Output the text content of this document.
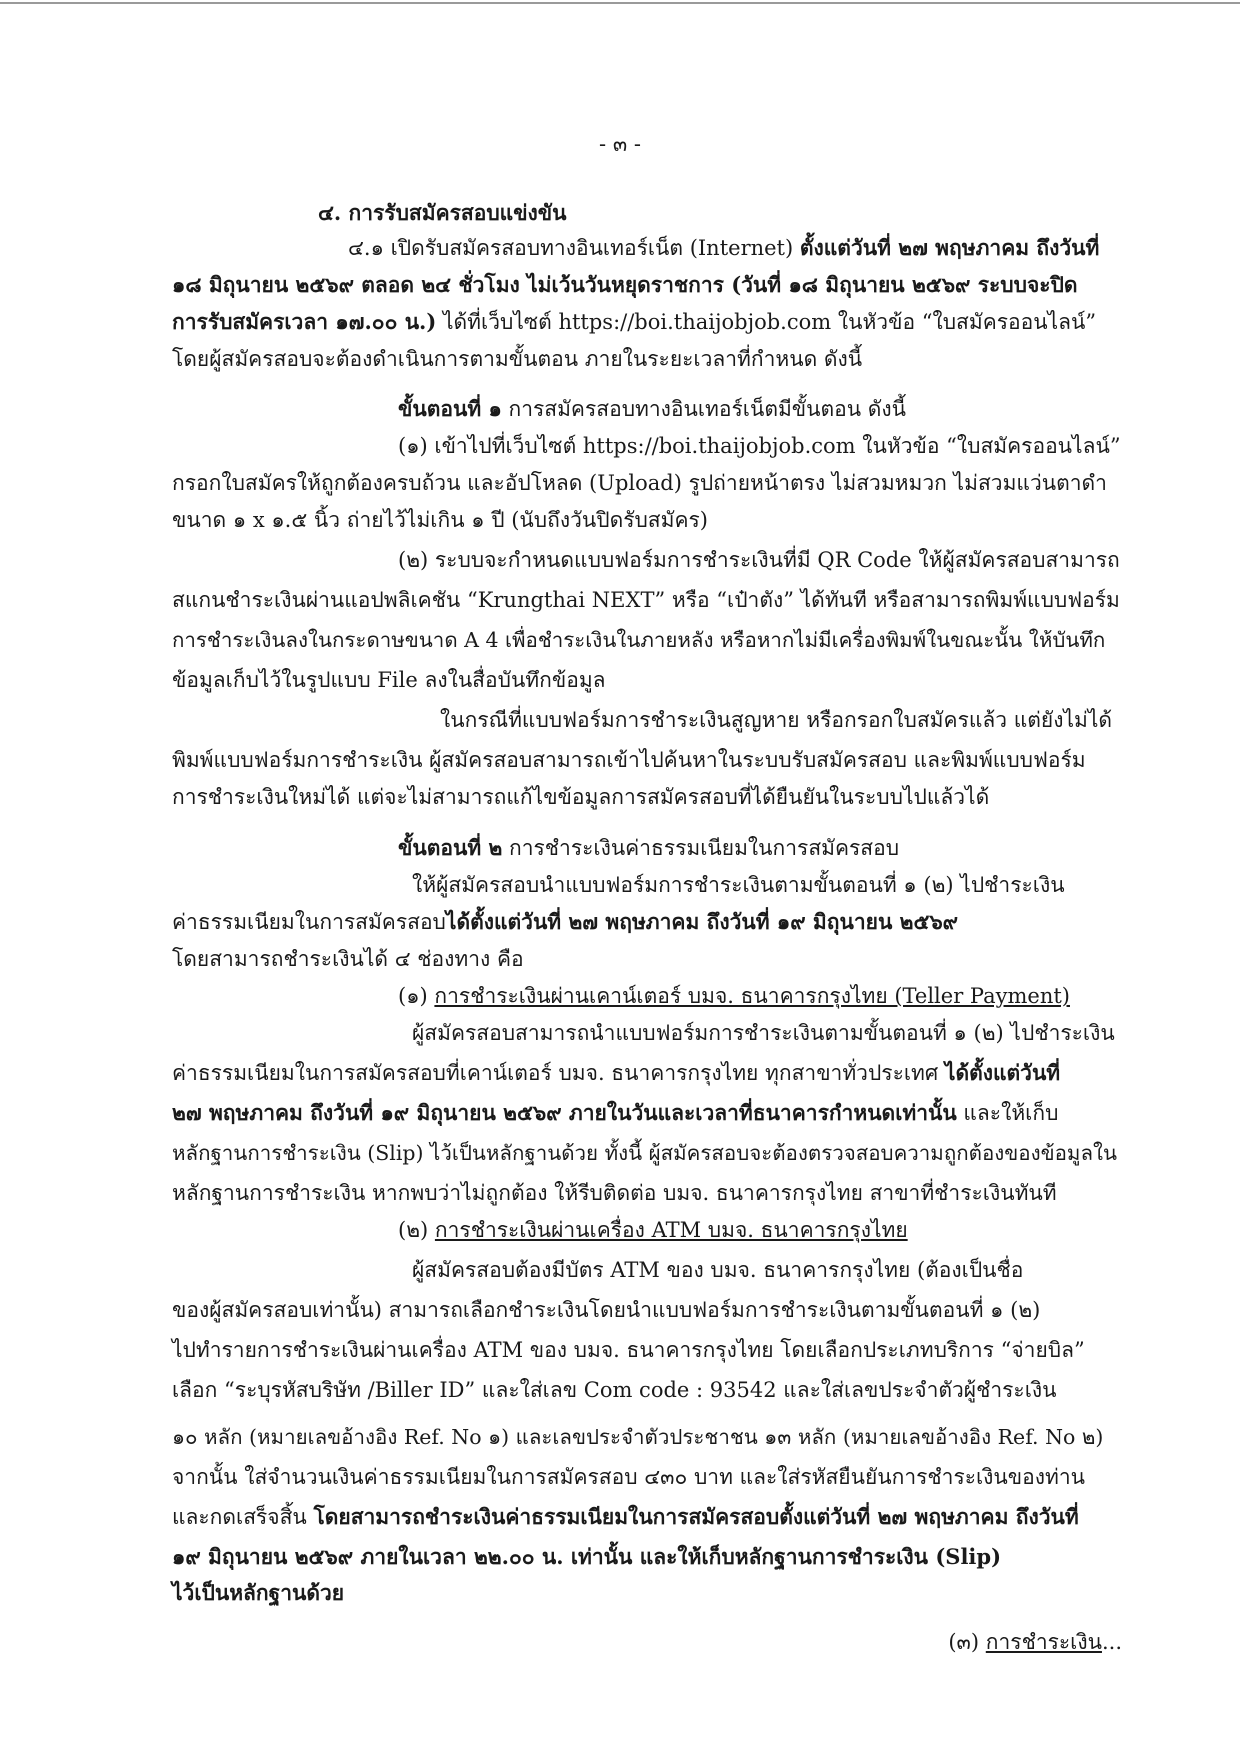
- ๓ -
๔. การรับสมัครสอบแข่งขัน
๔.๑ เปิดรับสมัครสอบทางอินเทอร์เน็ต (Internet) ตั้งแต่วันที่ ๒๗ พฤษภาคม ถึงวันที่
๑๘ มิถุนายน ๒๕๖๙ ตลอด ๒๔ ชั่วโมง ไม่เว้นวันหยุดราชการ (วันที่ ๑๘ มิถุนายน ๒๕๖๙ ระบบจะปิด
การรับสมัครเวลา ๑๗.๐๐ น.) ได้ที่เว็บไซต์ https://boi.thaijobjob.com ในหัวข้อ “ใบสมัครออนไลน์”
โดยผู้สมัครสอบจะต้องดำเนินการตามขั้นตอน ภายในระยะเวลาที่กำหนด ดังนี้
ขั้นตอนที่ ๑ การสมัครสอบทางอินเทอร์เน็ตมีขั้นตอน ดังนี้
(๑) เข้าไปที่เว็บไซต์ https://boi.thaijobjob.com ในหัวข้อ “ใบสมัครออนไลน์”
กรอกใบสมัครให้ถูกต้องครบถ้วน และอัปโหลด (Upload) รูปถ่ายหน้าตรง ไม่สวมหมวก ไม่สวมแว่นตาดำ
ขนาด ๑ x ๑.๕ นิ้ว ถ่ายไว้ไม่เกิน ๑ ปี (นับถึงวันปิดรับสมัคร)
(๒) ระบบจะกำหนดแบบฟอร์มการชำระเงินที่มี QR Code ให้ผู้สมัครสอบสามารถ
สแกนชำระเงินผ่านแอปพลิเคชัน “Krungthai NEXT” หรือ “เป๋าตัง” ได้ทันที หรือสามารถพิมพ์แบบฟอร์ม
การชำระเงินลงในกระดาษขนาด A 4 เพื่อชำระเงินในภายหลัง หรือหากไม่มีเครื่องพิมพ์ในขณะนั้น ให้บันทึก
ข้อมูลเก็บไว้ในรูปแบบ File ลงในสื่อบันทึกข้อมูล
ในกรณีที่แบบฟอร์มการชำระเงินสูญหาย หรือกรอกใบสมัครแล้ว แต่ยังไม่ได้
พิมพ์แบบฟอร์มการชำระเงิน ผู้สมัครสอบสามารถเข้าไปค้นหาในระบบรับสมัครสอบ และพิมพ์แบบฟอร์ม
การชำระเงินใหม่ได้ แต่จะไม่สามารถแก้ไขข้อมูลการสมัครสอบที่ได้ยืนยันในระบบไปแล้วได้
ขั้นตอนที่ ๒ การชำระเงินค่าธรรมเนียมในการสมัครสอบ
ให้ผู้สมัครสอบนำแบบฟอร์มการชำระเงินตามขั้นตอนที่ ๑ (๒) ไปชำระเงิน
ค่าธรรมเนียมในการสมัครสอบได้ตั้งแต่วันที่ ๒๗ พฤษภาคม ถึงวันที่ ๑๙ มิถุนายน ๒๕๖๙
โดยสามารถชำระเงินได้ ๔ ช่องทาง คือ
(๑) การชำระเงินผ่านเคาน์เตอร์ บมจ. ธนาคารกรุงไทย (Teller Payment)
ผู้สมัครสอบสามารถนำแบบฟอร์มการชำระเงินตามขั้นตอนที่ ๑ (๒) ไปชำระเงิน
ค่าธรรมเนียมในการสมัครสอบที่เคาน์เตอร์ บมจ. ธนาคารกรุงไทย ทุกสาขาทั่วประเทศ ได้ตั้งแต่วันที่
๒๗ พฤษภาคม ถึงวันที่ ๑๙ มิถุนายน ๒๕๖๙ ภายในวันและเวลาที่ธนาคารกำหนดเท่านั้น และให้เก็บ
หลักฐานการชำระเงิน (Slip) ไว้เป็นหลักฐานด้วย ทั้งนี้ ผู้สมัครสอบจะต้องตรวจสอบความถูกต้องของข้อมูลใน
หลักฐานการชำระเงิน หากพบว่าไม่ถูกต้อง ให้รีบติดต่อ บมจ. ธนาคารกรุงไทย สาขาที่ชำระเงินทันที
(๒) การชำระเงินผ่านเครื่อง ATM บมจ. ธนาคารกรุงไทย
ผู้สมัครสอบต้องมีบัตร ATM ของ บมจ. ธนาคารกรุงไทย (ต้องเป็นชื่อ
ของผู้สมัครสอบเท่านั้น) สามารถเลือกชำระเงินโดยนำแบบฟอร์มการชำระเงินตามขั้นตอนที่ ๑ (๒)
ไปทำรายการชำระเงินผ่านเครื่อง ATM ของ บมจ. ธนาคารกรุงไทย โดยเลือกประเภทบริการ “จ่ายบิล”
เลือก “ระบุรหัสบริษัท /Biller ID” และใส่เลข Com code : 93542 และใส่เลขประจำตัวผู้ชำระเงิน
๑๐ หลัก (หมายเลขอ้างอิง Ref. No ๑) และเลขประจำตัวประชาชน ๑๓ หลัก (หมายเลขอ้างอิง Ref. No ๒)
จากนั้น ใส่จำนวนเงินค่าธรรมเนียมในการสมัครสอบ ๔๓๐ บาท และใส่รหัสยืนยันการชำระเงินของท่าน
และกดเสร็จสิ้น โดยสามารถชำระเงินค่าธรรมเนียมในการสมัครสอบตั้งแต่วันที่ ๒๗ พฤษภาคม ถึงวันที่
๑๙ มิถุนายน ๒๕๖๙ ภายในเวลา ๒๒.๐๐ น. เท่านั้น และให้เก็บหลักฐานการชำระเงิน (Slip)
ไว้เป็นหลักฐานด้วย
(๓) การชำระเงิน...
